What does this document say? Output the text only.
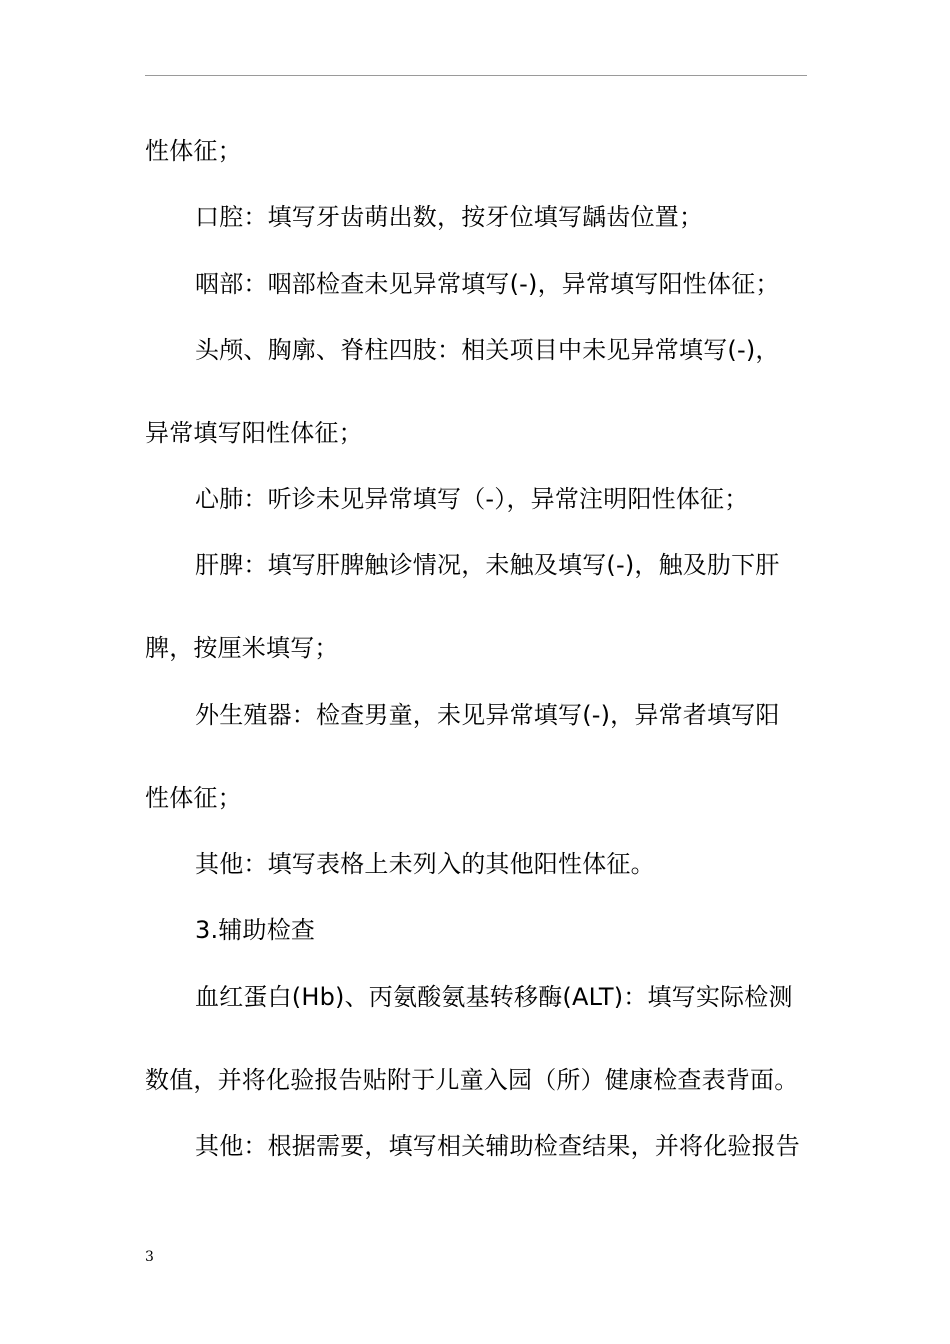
性体征；
口腔：填写牙齿萌出数，按牙位填写龋齿位置；
咽部：咽部检查未见异常填写(-)，异常填写阳性体征；
头颅、胸廓、脊柱四肢：相关项目中未见异常填写(-)，
异常填写阳性体征；
心肺：听诊未见异常填写（-），异常注明阳性体征；
肝脾：填写肝脾触诊情况，未触及填写(-)，触及肋下肝
脾，按厘米填写；
外生殖器：检查男童，未见异常填写(-)，异常者填写阳
性体征；
其他：填写表格上未列入的其他阳性体征。
3.辅助检查
血红蛋白(Hb)、丙氨酸氨基转移酶(ALT)：填写实际检测
数值，并将化验报告贴附于儿童入园（所）健康检查表背面。
其他：根据需要，填写相关辅助检查结果，并将化验报告
3
